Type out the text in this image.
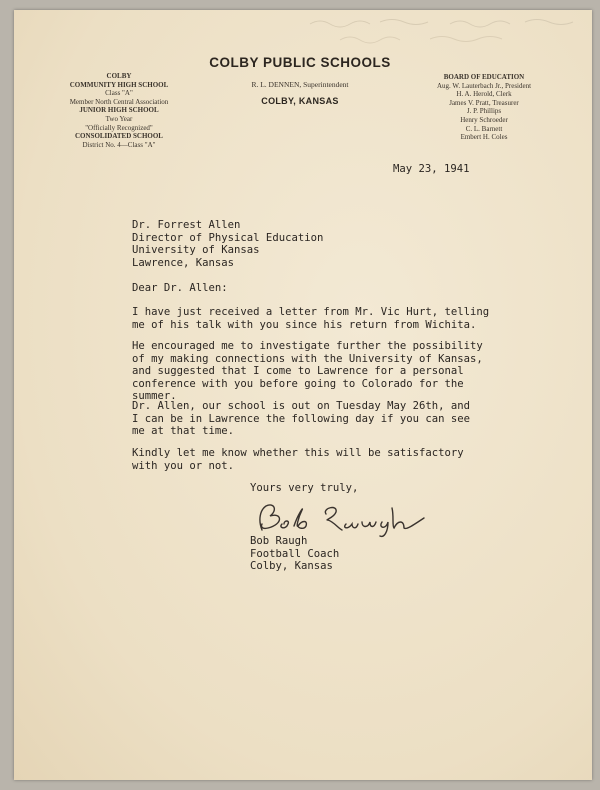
COLBY PUBLIC SCHOOLS
R. L. DENNEN, Superintendent
COLBY, KANSAS
COLBY
COMMUNITY HIGH SCHOOL
Class "A"
Member North Central Association
JUNIOR HIGH SCHOOL
Two Year
"Officially Recognized"
CONSOLIDATED SCHOOL
District No. 4—Class "A"
BOARD OF EDUCATION
Aug. W. Lauterbach Jr., President
H. A. Herold, Clerk
James V. Pratt, Treasurer
J. P. Phillips
Henry Schroeder
C. L. Barnett
Embert H. Coles
May 23, 1941
Dr. Forrest Allen
Director of Physical Education
University of Kansas
Lawrence, Kansas
Dear Dr. Allen:
I have just received a letter from Mr. Vic Hurt, telling
me of his talk with you since his return from Wichita.
He encouraged me to investigate further the possibility
of my making connections with the University of Kansas,
and suggested that I come to Lawrence for a personal
conference with you before going to Colorado for the
summer.
Dr. Allen, our school is out on Tuesday May 26th, and
I can be in Lawrence the following day if you can see
me at that time.
Kindly let me know whether this will be satisfactory
with you or not.
Yours very truly,
Bob Raugh
Football Coach
Colby, Kansas
